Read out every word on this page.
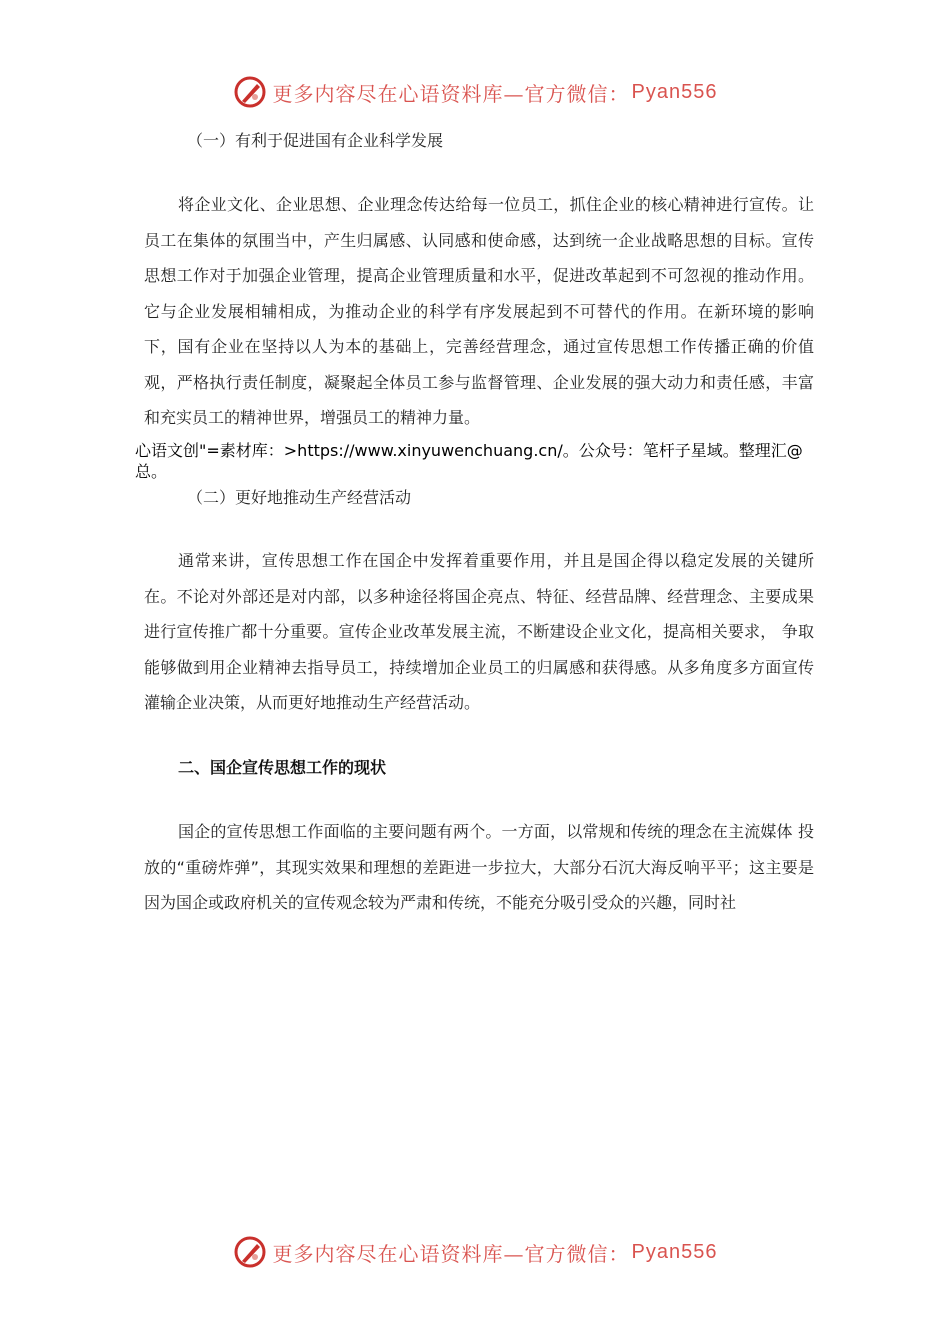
更多内容尽在心语资料库—官方微信： Pyan556
（一）有利于促进国有企业科学发展

将企业文化、企业思想、企业理念传达给每一位员工，抓住企业的核心精神进行宣传。让员工在集体的氛围当中，产生归属感、认同感和使命感，达到统一企业战略思想的目标。宣传思想工作对于加强企业管理，提高企业管理质量和水平，促进改革起到不可忽视的推动作用。它与企业发展相辅相成，为推动企业的科学有序发展起到不可替代的作用。在新环境的影响下，国有企业在坚持以人为本的基础上，完善经营理念，通过宣传思想工作传播正确的价值观，严格执行责任制度，凝聚起全体员工参与监督管理、企业发展的强大动力和责任感，丰富和充实员工的精神世界，增强员工的精神力量。

心语文创"=素材库：>https://www.xinyuwenchuang.cn/。公众号：笔杆子星域。整理汇@总。
（二）更好地推动生产经营活动

通常来讲，宣传思想工作在国企中发挥着重要作用，并且是国企得以稳定发展的关键所在。不论对外部还是对内部，以多种途径将国企亮点、特征、经营品牌、经营理念、主要成果进行宣传推广都十分重要。宣传企业改革发展主流，不断建设企业文化，提高相关要求， 争取能够做到用企业精神去指导员工，持续增加企业员工的归属感和获得感。从多角度多方面宣传灌输企业决策，从而更好地推动生产经营活动。

二、国企宣传思想工作的现状

国企的宣传思想工作面临的主要问题有两个。一方面，以常规和传统的理念在主流媒体 投放的“重磅炸弹”，其现实效果和理想的差距进一步拉大，大部分石沉大海反响平平；这主要是因为国企或政府机关的宣传观念较为严肃和传统，不能充分吸引受众的兴趣，同时社

更多内容尽在心语资料库—官方微信： Pyan556
